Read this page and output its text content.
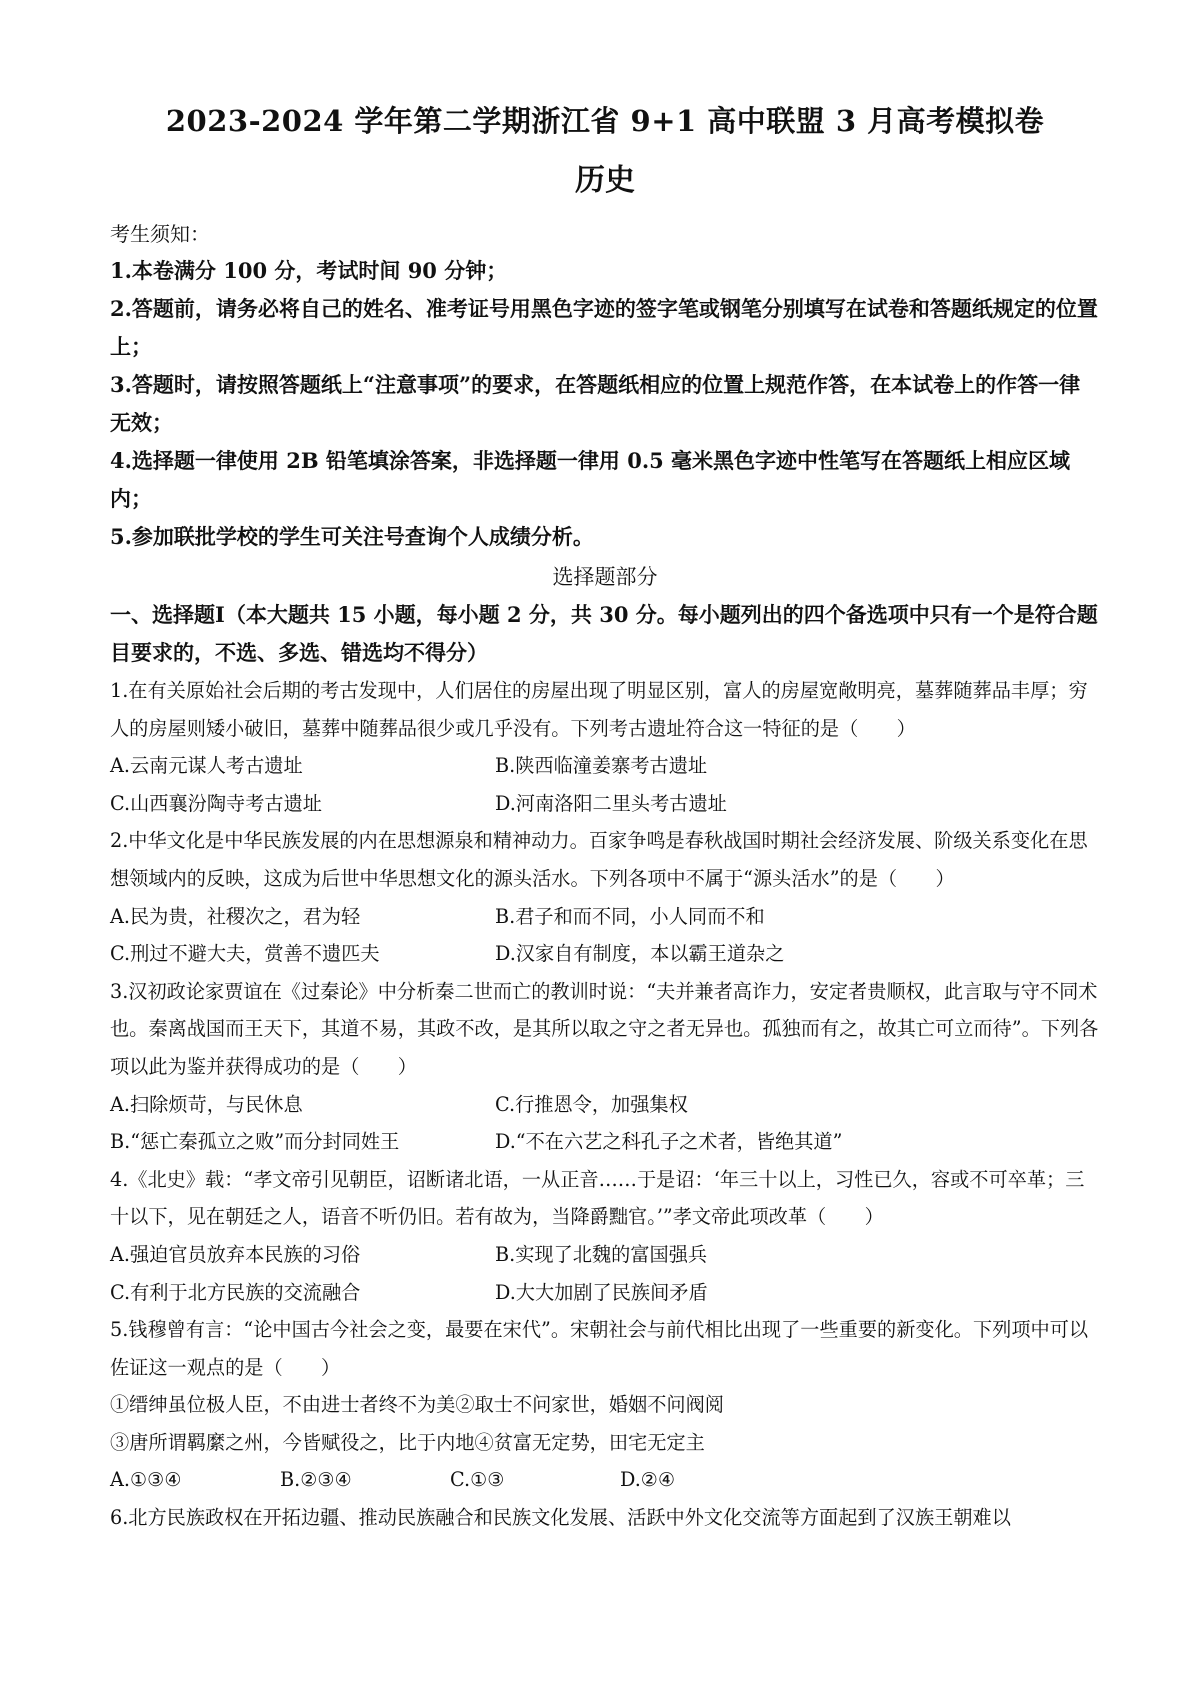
2023-2024 学年第二学期浙江省 9+1 高中联盟 3 月高考模拟卷
历史
考生须知：
1.本卷满分 100 分，考试时间 90 分钟；
2.答题前，请务必将自己的姓名、准考证号用黑色字迹的签字笔或钢笔分别填写在试卷和答题纸规定的位置上；
3.答题时，请按照答题纸上“注意事项”的要求，在答题纸相应的位置上规范作答，在本试卷上的作答一律无效；
4.选择题一律使用 2B 铅笔填涂答案，非选择题一律用 0.5 毫米黑色字迹中性笔写在答题纸上相应区域内；
5.参加联批学校的学生可关注号查询个人成绩分析。
选择题部分
一、选择题Ⅰ（本大题共 15 小题，每小题 2 分，共 30 分。每小题列出的四个备选项中只有一个是符合题目要求的，不选、多选、错选均不得分）
1.在有关原始社会后期的考古发现中，人们居住的房屋出现了明显区别，富人的房屋宽敞明亮，墓葬随葬品丰厚；穷人的房屋则矮小破旧，墓葬中随葬品很少或几乎没有。下列考古遗址符合这一特征的是（　　）
A.云南元谋人考古遗址	B.陕西临潼姜寨考古遗址
C.山西襄汾陶寺考古遗址	D.河南洛阳二里头考古遗址
2.中华文化是中华民族发展的内在思想源泉和精神动力。百家争鸣是春秋战国时期社会经济发展、阶级关系变化在思想领域内的反映，这成为后世中华思想文化的源头活水。下列各项中不属于“源头活水”的是（　　）
A.民为贵，社稷次之，君为轻	B.君子和而不同，小人同而不和
C.刑过不避大夫，赏善不遗匹夫	D.汉家自有制度，本以霸王道杂之
3.汉初政论家贾谊在《过秦论》中分析秦二世而亡的教训时说：“夫并兼者高诈力，安定者贵顺权，此言取与守不同术也。秦离战国而王天下，其道不易，其政不改，是其所以取之守之者无异也。孤独而有之，故其亡可立而待”。下列各项以此为鉴并获得成功的是（　　）
A.扫除烦苛，与民休息	C.行推恩令，加强集权
B.“惩亡秦孤立之败”而分封同姓王	D.“不在六艺之科孔子之术者，皆绝其道”
4.《北史》载：“孝文帝引见朝臣，诏断诸北语，一从正音……于是诏：‘年三十以上，习性已久，容或不可卒革；三十以下，见在朝廷之人，语音不听仍旧。若有故为，当降爵黜官。’”孝文帝此项改革（　　）
A.强迫官员放弃本民族的习俗	B.实现了北魏的富国强兵
C.有利于北方民族的交流融合	D.大大加剧了民族间矛盾
5.钱穆曾有言：“论中国古今社会之变，最要在宋代”。宋朝社会与前代相比出现了一些重要的新变化。下列项中可以佐证这一观点的是（　　）
①缙绅虽位极人臣，不由进士者终不为美②取士不问家世，婚姻不问阀阅
③唐所谓羁縻之州，今皆赋役之，比于内地④贫富无定势，田宅无定主
A.①③④	B.②③④	C.①③	D.②④
6.北方民族政权在开拓边疆、推动民族融合和民族文化发展、活跃中外文化交流等方面起到了汉族王朝难以
